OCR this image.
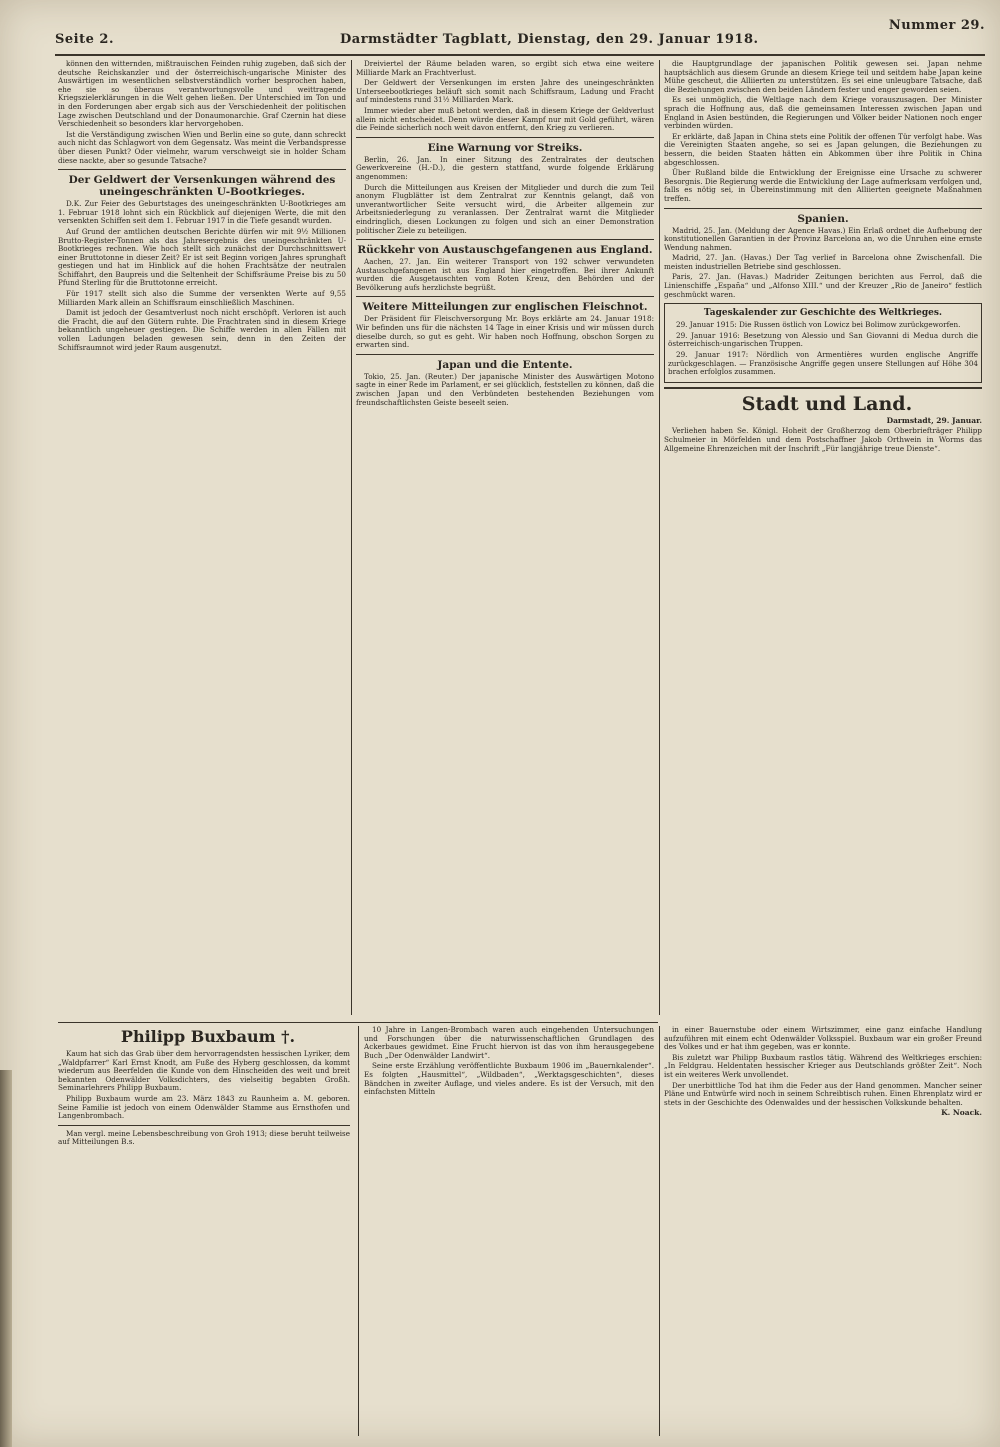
Seite 2.	Darmstädter Tagblatt, Dienstag, den 29. Januar 1918.
Nummer 29.

können den witternden, mißtrauischen Feinden ruhig zugeben, daß sich der deutsche Reichskanzler und der österreichisch-ungarische Minister des Auswärtigen im wesentlichen selbstverständlich vorher besprochen haben, ehe sie so überaus verantwortungsvolle und weittragende Kriegszielerklärungen in die Welt gehen ließen. Der Unterschied im Ton und in den Forderungen aber ergab sich aus der Verschiedenheit der politischen Lage zwischen Deutschland und der Donaumonarchie. Graf Czernin hat diese Verschiedenheit so besonders klar hervorgehoben.

Ist die Verständigung zwischen Wien und Berlin eine so gute, dann schreckt auch nicht das Schlagwort von dem Gegensatz. Was meint die Verbandspresse über diesen Punkt? Oder vielmehr, warum verschweigt sie in holder Scham diese nackte, aber so gesunde Tatsache?

Der Geldwert der Versenkungen während des uneingeschränkten U-Bootkrieges.

D.K. Zur Feier des Geburtstages des uneingeschränkten U-Bootkrieges am 1. Februar 1918 lohnt sich ein Rückblick auf diejenigen Werte, die mit den versenkten Schiffen seit dem 1. Februar 1917 in die Tiefe gesandt wurden.

Auf Grund der amtlichen deutschen Berichte dürfen wir mit 9½ Millionen Brutto-Register-Tonnen als das Jahresergebnis des uneingeschränkten U-Bootkrieges rechnen. Wie hoch stellt sich zunächst der Durchschnittswert einer Bruttotonne in dieser Zeit? Er ist seit Beginn vorigen Jahres sprunghaft gestiegen und hat im Hinblick auf die hohen Frachtsätze der neutralen Schiffahrt, den Baupreis und die Seltenheit der Schiffsräume Preise bis zu 50 Pfund Sterling für die Bruttotonne erreicht.

Für 1917 stellt sich also die Summe der versenkten Werte auf 9,55 Milliarden Mark allein an Schiffsraum einschließlich Maschinen.

Damit ist jedoch der Gesamtverlust noch nicht erschöpft. Verloren ist auch die Fracht, die auf den Gütern ruhte. Die Frachtraten sind in diesem Kriege bekanntlich ungeheuer gestiegen. Die Schiffe werden in allen Fällen mit vollen Ladungen beladen gewesen sein, denn in den Zeiten der Schiffsraumnot wird jeder Raum ausgenutzt.

Dreiviertel der Räume beladen waren, so ergibt sich etwa eine weitere Milliarde Mark an Frachtverlust.

Der Geldwert der Versenkungen im ersten Jahre des uneingeschränkten Unterseebootkrieges beläuft sich somit nach Schiffsraum, Ladung und Fracht auf mindestens rund 31½ Milliarden Mark.

Immer wieder aber muß betont werden, daß in diesem Kriege der Geldverlust allein nicht entscheidet. Denn würde dieser Kampf nur mit Gold geführt, wären die Feinde sicherlich noch weit davon entfernt, den Krieg zu verlieren.

Eine Warnung vor Streiks.

Berlin, 26. Jan. In einer Sitzung des Zentralrates der deutschen Gewerkvereine (H.-D.), die gestern stattfand, wurde folgende Erklärung angenommen:

Durch die Mitteilungen aus Kreisen der Mitglieder und durch die zum Teil anonym Flugblätter ist dem Zentralrat zur Kenntnis gelangt, daß von unverantwortlicher Seite versucht wird, die Arbeiter allgemein zur Arbeitsniederlegung zu veranlassen. Der Zentralrat warnt die Mitglieder eindringlich, diesen Lockungen zu folgen und sich an einer Demonstration politischer Ziele zu beteiligen.

Rückkehr von Austauschgefangenen aus England.

Aachen, 27. Jan. Ein weiterer Transport von 192 schwer verwundeten Austauschgefangenen ist aus England hier eingetroffen. Bei ihrer Ankunft wurden die Ausgetauschten vom Roten Kreuz, den Behörden und der Bevölkerung aufs herzlichste begrüßt.

Weitere Mitteilungen zur englischen Fleischnot.

Der Präsident für Fleischversorgung Mr. Boys erklärte am 24. Januar 1918: Wir befinden uns für die nächsten 14 Tage in einer Krisis und wir müssen durch dieselbe durch, so gut es geht. Wir haben noch Hoffnung, obschon Sorgen zu erwarten sind.

Japan und die Entente.

Tokio, 25. Jan. (Reuter.) Der japanische Minister des Auswärtigen Motono sagte in einer Rede im Parlament, er sei glücklich, feststellen zu können, daß die zwischen Japan und den Verbündeten bestehenden Beziehungen vom freundschaftlichsten Geiste beseelt seien.

die Hauptgrundlage der japanischen Politik gewesen sei. Japan nehme hauptsächlich aus diesem Grunde an diesem Kriege teil und seitdem habe Japan keine Mühe gescheut, die Alliierten zu unterstützen. Es sei eine unleugbare Tatsache, daß die Beziehungen zwischen den beiden Ländern fester und enger geworden seien.

Es sei unmöglich, die Weltlage nach dem Kriege vorauszusagen. Der Minister sprach die Hoffnung aus, daß die gemeinsamen Interessen zwischen Japan und England in Asien bestünden, die Regierungen und Völker beider Nationen noch enger verbinden würden.

Er erklärte, daß Japan in China stets eine Politik der offenen Tür verfolgt habe. Was die Vereinigten Staaten angehe, so sei es Japan gelungen, die Beziehungen zu bessern, die beiden Staaten hätten ein Abkommen über ihre Politik in China abgeschlossen.

Über Rußland bilde die Entwicklung der Ereignisse eine Ursache zu schwerer Besorgnis. Die Regierung werde die Entwicklung der Lage aufmerksam verfolgen und, falls es nötig sei, in Übereinstimmung mit den Alliierten geeignete Maßnahmen treffen.

Spanien.

Madrid, 25. Jan. (Meldung der Agence Havas.) Ein Erlaß ordnet die Aufhebung der konstitutionellen Garantien in der Provinz Barcelona an, wo die Unruhen eine ernste Wendung nahmen.

Madrid, 27. Jan. (Havas.) Der Tag verlief in Barcelona ohne Zwischenfall. Die meisten industriellen Betriebe sind geschlossen.

Paris, 27. Jan. (Havas.) Madrider Zeitungen berichten aus Ferrol, daß die Linienschiffe „España“ und „Alfonso XIII.“ und der Kreuzer „Rio de Janeiro“ festlich geschmückt waren.

Tageskalender zur Geschichte des Weltkrieges.

29. Januar 1915: Die Russen östlich von Lowicz bei Bolimow zurückgeworfen.

29. Januar 1916: Besetzung von Alessio und San Giovanni di Medua durch die österreichisch-ungarischen Truppen.

29. Januar 1917: Nördlich von Armentières wurden englische Angriffe zurückgeschlagen. — Französische Angriffe gegen unsere Stellungen auf Höhe 304 brachen erfolglos zusammen.

Stadt und Land.

Darmstadt, 29. Januar.

Verliehen haben Se. Königl. Hoheit der Großherzog dem Oberbriefträger Philipp Schulmeier in Mörfelden und dem Postschaffner Jakob Orthwein in Worms das Allgemeine Ehrenzeichen mit der Inschrift „Für langjährige treue Dienste“.

Philipp Buxbaum †.

Kaum hat sich das Grab über dem hervorragendsten hessischen Lyriker, dem „Waldpfarrer“ Karl Ernst Knodt, am Fuße des Hyberg geschlossen, da kommt wiederum aus Beerfelden die Kunde von dem Hinscheiden des weit und breit bekannten Odenwälder Volksdichters, des vielseitig begabten Großh. Seminarlehrers Philipp Buxbaum.

Philipp Buxbaum wurde am 23. März 1843 zu Raunheim a. M. geboren. Seine Familie ist jedoch von einem Odenwälder Stamme aus Ernsthofen und Langenbrombach.

Man vergl. meine Lebensbeschreibung von Groh 1913; diese beruht teilweise auf Mitteilungen B.s.

10 Jahre in Langen-Brombach waren auch eingehenden Untersuchungen und Forschungen über die naturwissenschaftlichen Grundlagen des Ackerbaues gewidmet. Eine Frucht hiervon ist das von ihm herausgegebene Buch „Der Odenwälder Landwirt“.

Seine erste Erzählung veröffentlichte Buxbaum 1906 im „Bauernkalender“. Es folgten „Hausmittel“, „Wildbaden“, „Werktagsgeschichten“, dieses Bändchen in zweiter Auflage, und vieles andere. Es ist der Versuch, mit den einfachsten Mitteln

in einer Bauernstube oder einem Wirtszimmer, eine ganz einfache Handlung aufzuführen mit einem echt Odenwälder Volksspiel. Buxbaum war ein großer Freund des Volkes und er hat ihm gegeben, was er konnte.

Bis zuletzt war Philipp Buxbaum rastlos tätig. Während des Weltkrieges erschien: „In Feldgrau. Heldentaten hessischer Krieger aus Deutschlands größter Zeit“. Noch ist ein weiteres Werk unvollendet.

Der unerbittliche Tod hat ihm die Feder aus der Hand genommen. Mancher seiner Pläne und Entwürfe wird noch in seinem Schreibtisch ruhen. Einen Ehrenplatz wird er stets in der Geschichte des Odenwaldes und der hessischen Volkskunde behalten.

K. Noack.
